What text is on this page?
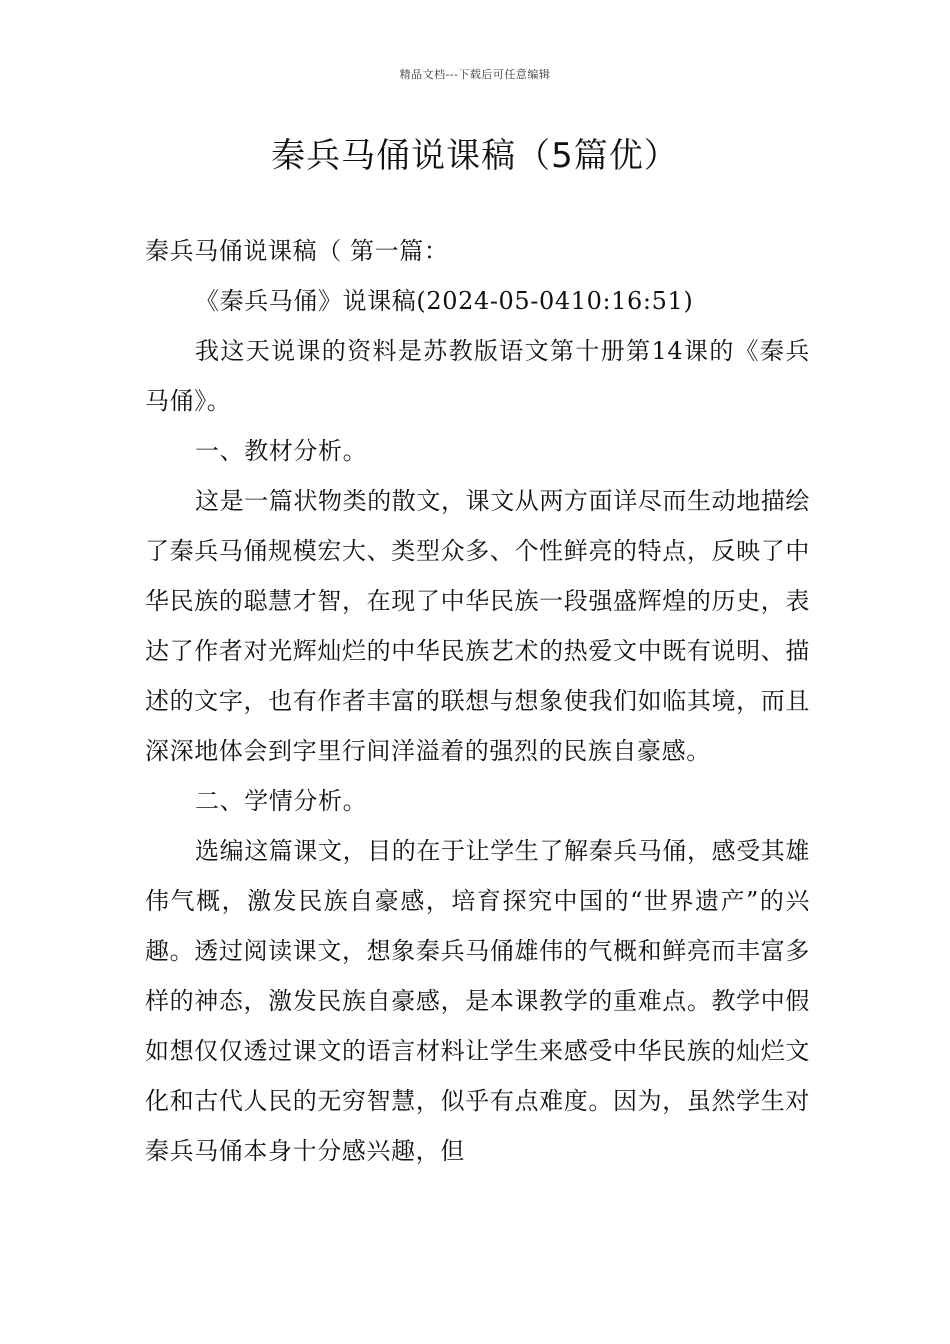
精品文档---下载后可任意编辑
秦兵马俑说课稿（5篇优）

秦兵马俑说课稿（ 第一篇：

《秦兵马俑》说课稿(2024-05-0410:16:51)

我这天说课的资料是苏教版语文第十册第14课的《秦兵马俑》。

一、教材分析。

这是一篇状物类的散文，课文从两方面详尽而生动地描绘了秦兵马俑规模宏大、类型众多、个性鲜亮的特点，反映了中华民族的聪慧才智，在现了中华民族一段强盛辉煌的历史，表达了作者对光辉灿烂的中华民族艺术的热爱文中既有说明、描述的文字，也有作者丰富的联想与想象使我们如临其境，而且深深地体会到字里行间洋溢着的强烈的民族自豪感。

二、学情分析。

选编这篇课文，目的在于让学生了解秦兵马俑，感受其雄伟气概，激发民族自豪感，培育探究中国的“世界遗产”的兴趣。透过阅读课文，想象秦兵马俑雄伟的气概和鲜亮而丰富多样的神态，激发民族自豪感，是本课教学的重难点。教学中假如想仅仅透过课文的语言材料让学生来感受中华民族的灿烂文化和古代人民的无穷智慧，似乎有点难度。因为，虽然学生对秦兵马俑本身十分感兴趣，但
